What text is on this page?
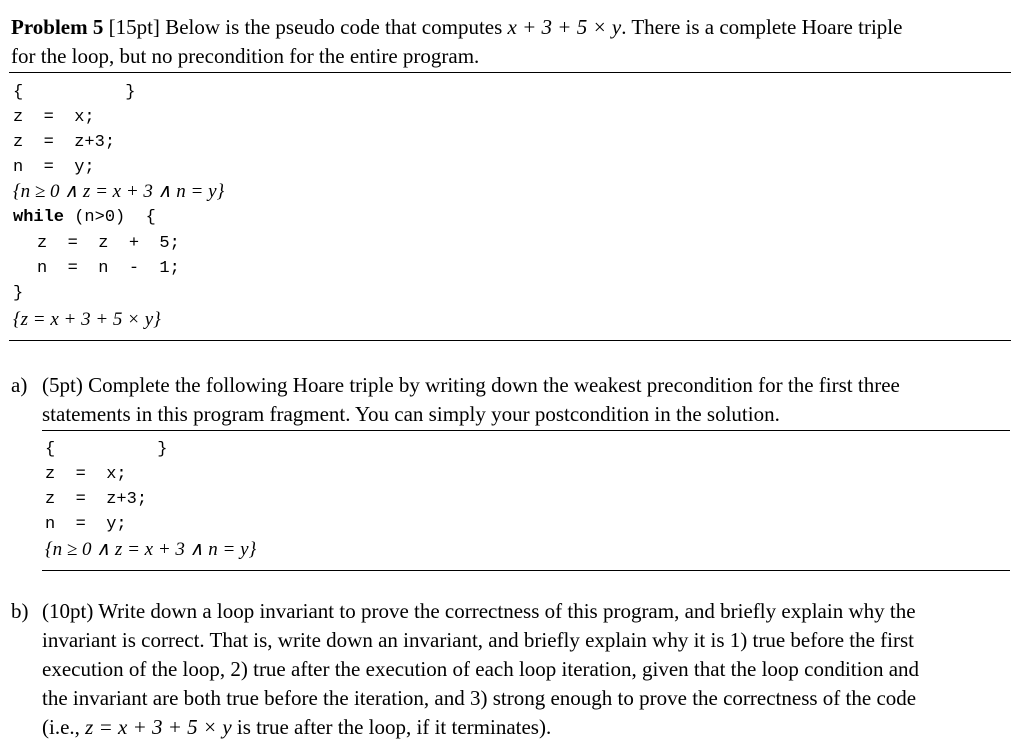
Problem 5 [15pt] Below is the pseudo code that computes x + 3 + 5 × y. There is a complete Hoare triple
for the loop, but no precondition for the entire program.
{          }
z  =  x;
z  =  z+3;
n  =  y;
{n ≥ 0 ∧ z = x + 3 ∧ n = y}
while (n>0)  {
z  =  z  +  5;
n  =  n  -  1;
}
{z = x + 3 + 5 × y}
a) (5pt) Complete the following Hoare triple by writing down the weakest precondition for the first three
statements in this program fragment. You can simply your postcondition in the solution.
{          }
z  =  x;
z  =  z+3;
n  =  y;
{n ≥ 0 ∧ z = x + 3 ∧ n = y}
b) (10pt) Write down a loop invariant to prove the correctness of this program, and briefly explain why the
invariant is correct. That is, write down an invariant, and briefly explain why it is 1) true before the first
execution of the loop, 2) true after the execution of each loop iteration, given that the loop condition and
the invariant are both true before the iteration, and 3) strong enough to prove the correctness of the code
(i.e., z = x + 3 + 5 × y is true after the loop, if it terminates).
